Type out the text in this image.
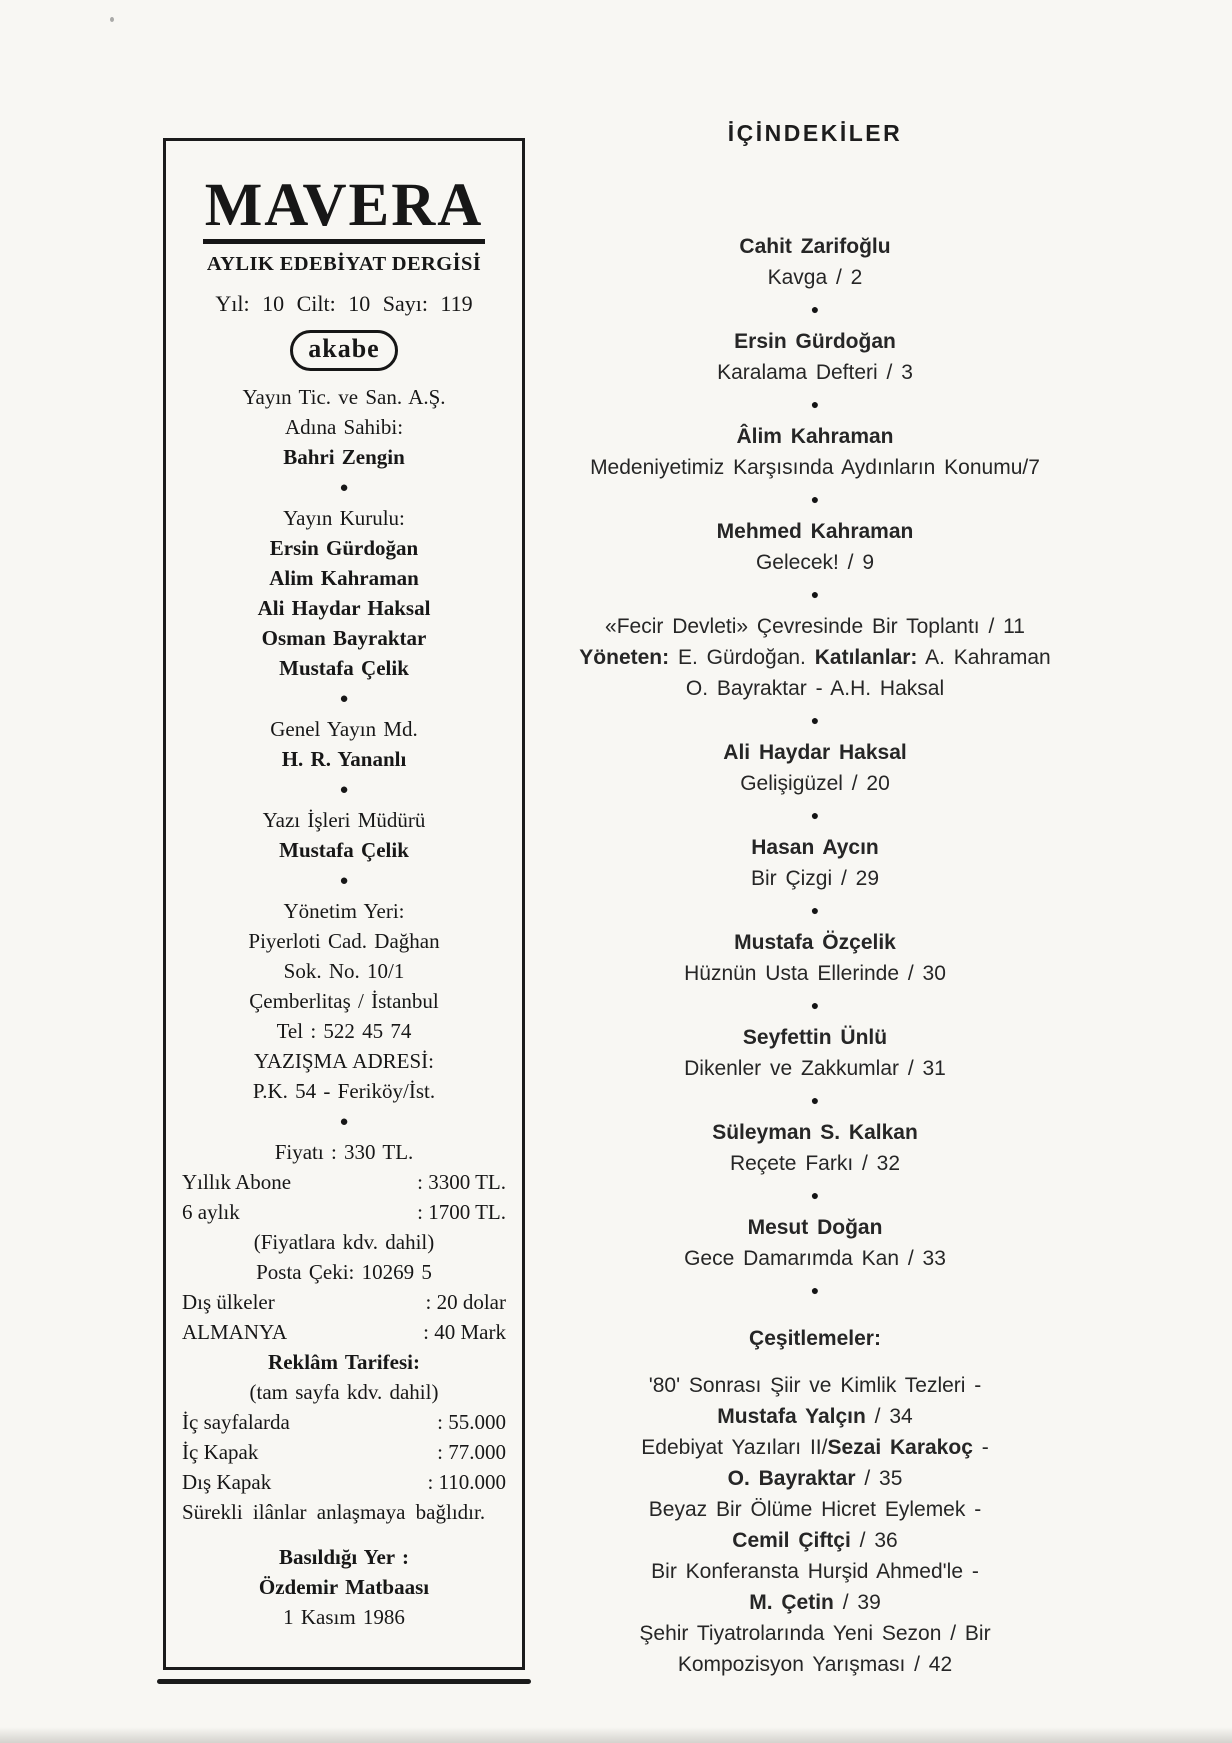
MAVERA
AYLIK EDEBİYAT DERGİSİ
Yıl: 10 Cilt: 10 Sayı: 119
akabe
Yayın Tic. ve San. A.Ş.
Adına Sahibi:
Bahri Zengin
●
Yayın Kurulu:
Ersin Gürdoğan
Alim Kahraman
Ali Haydar Haksal
Osman Bayraktar
Mustafa Çelik
●
Genel Yayın Md.
H. R. Yananlı
●
Yazı İşleri Müdürü
Mustafa Çelik
●
Yönetim Yeri:
Piyerloti Cad. Dağhan
Sok. No. 10/1
Çemberlitaş / İstanbul
Tel : 522 45 74
YAZIŞMA ADRESİ:
P.K. 54 - Feriköy/İst.
●
Fiyatı : 330 TL.
Yıllık Abone	: 3300 TL.
6 aylık	: 1700 TL.
(Fiyatlara kdv. dahil)
Posta Çeki: 10269 5
Dış ülkeler	: 20 dolar
ALMANYA	: 40 Mark
Reklâm Tarifesi:
(tam sayfa kdv. dahil)
İç sayfalarda	: 55.000
İç Kapak	: 77.000
Dış Kapak	: 110.000
Sürekli ilânlar anlaşmaya bağlıdır.
Basıldığı Yer :
Özdemir Matbaası
1 Kasım 1986
İÇİNDEKİLER
Cahit Zarifoğlu
Kavga / 2
●
Ersin Gürdoğan
Karalama Defteri / 3
●
Âlim Kahraman
Medeniyetimiz Karşısında Aydınların Konumu/7
●
Mehmed Kahraman
Gelecek! / 9
●
«Fecir Devleti» Çevresinde Bir Toplantı / 11
Yöneten: E. Gürdoğan. Katılanlar: A. Kahraman
O. Bayraktar - A.H. Haksal
●
Ali Haydar Haksal
Gelişigüzel / 20
●
Hasan Aycın
Bir Çizgi / 29
●
Mustafa Özçelik
Hüznün Usta Ellerinde / 30
●
Seyfettin Ünlü
Dikenler ve Zakkumlar / 31
●
Süleyman S. Kalkan
Reçete Farkı / 32
●
Mesut Doğan
Gece Damarımda Kan / 33
●
Çeşitlemeler:
'80' Sonrası Şiir ve Kimlik Tezleri -
Mustafa Yalçın / 34
Edebiyat Yazıları II/Sezai Karakoç -
O. Bayraktar / 35
Beyaz Bir Ölüme Hicret Eylemek -
Cemil Çiftçi / 36
Bir Konferansta Hurşid Ahmed'le -
M. Çetin / 39
Şehir Tiyatrolarında Yeni Sezon / Bir
Kompozisyon Yarışması / 42
